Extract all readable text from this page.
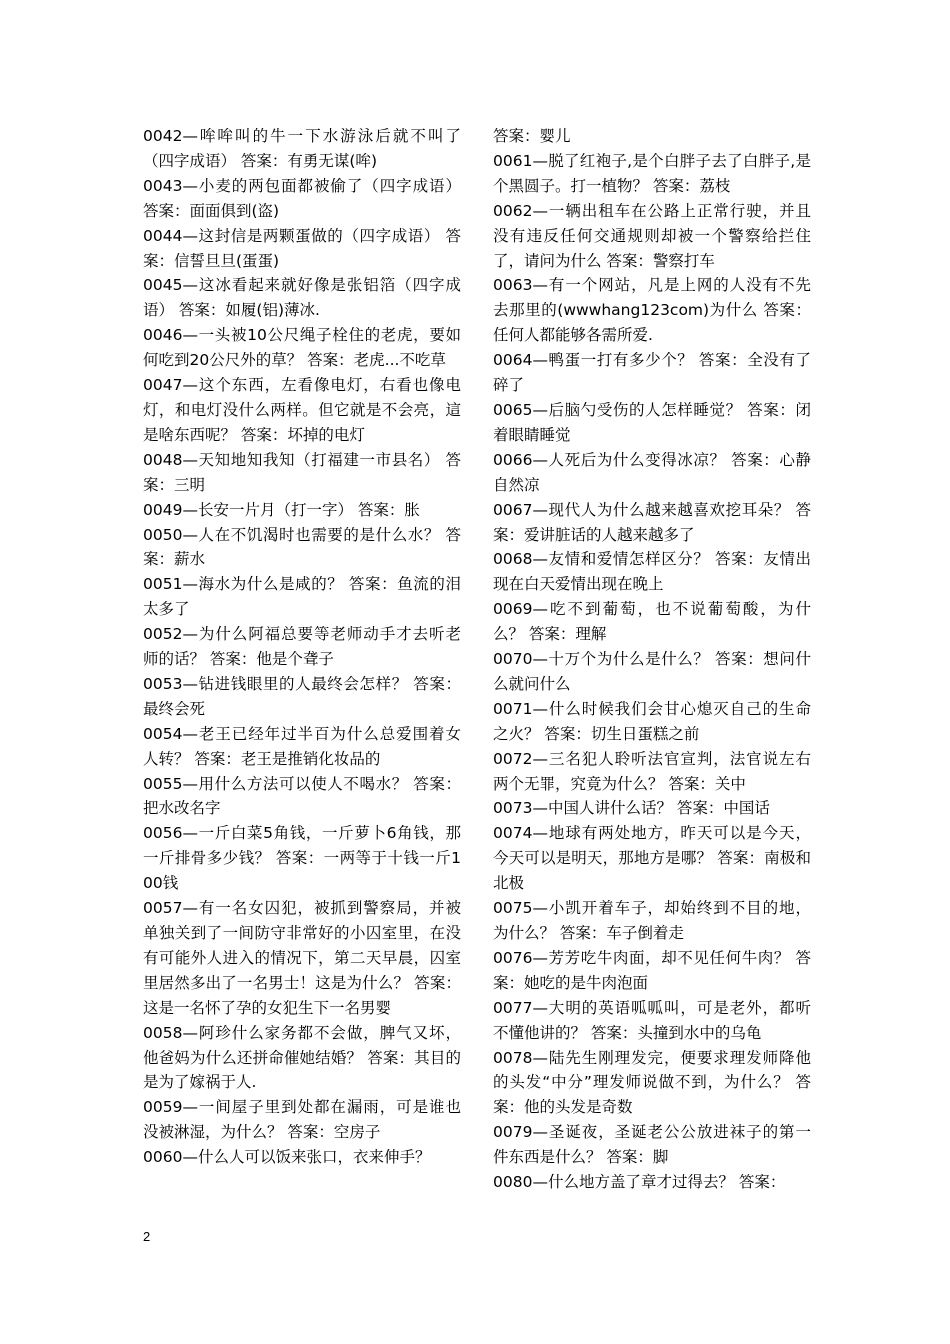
0042—哞哞叫的牛一下水游泳后就不叫了（四字成语） 答案：有勇无谋(哞)

0043—小麦的两包面都被偷了（四字成语） 答案：面面俱到(盗)

0044—这封信是两颗蛋做的（四字成语） 答案：信誓旦旦(蛋蛋)

0045—这冰看起来就好像是张铝箔（四字成语） 答案：如履(铝)薄冰.

0046—一头被10公尺绳子栓住的老虎，要如何吃到20公尺外的草？ 答案：老虎...不吃草

0047—这个东西，左看像电灯，右看也像电灯，和电灯没什么两样。但它就是不会亮，這是啥东西呢？ 答案：坏掉的电灯

0048—天知地知我知（打福建一市县名） 答案：三明

0049—长安一片月（打一字） 答案：胀

0050—人在不饥渴时也需要的是什么水？ 答案：薪水

0051—海水为什么是咸的？ 答案：鱼流的泪太多了

0052—为什么阿福总要等老师动手才去听老师的话？ 答案：他是个聋子

0053—钻进钱眼里的人最终会怎样？ 答案：最终会死

0054—老王已经年过半百为什么总爱围着女人转？ 答案：老王是推销化妆品的

0055—用什么方法可以使人不喝水？ 答案：把水改名字

0056—一斤白菜5角钱，一斤萝卜6角钱，那一斤排骨多少钱？ 答案：一两等于十钱一斤100钱

0057—有一名女囚犯，被抓到警察局，并被单独关到了一间防守非常好的小囚室里，在没有可能外人进入的情况下，第二天早晨，囚室里居然多出了一名男士！这是为什么？ 答案：这是一名怀了孕的女犯生下一名男婴

0058—阿珍什么家务都不会做，脾气又坏，他爸妈为什么还拼命催她结婚？ 答案：其目的是为了嫁祸于人.

0059—一间屋子里到处都在漏雨，可是谁也没被淋湿，为什么？ 答案：空房子

0060—什么人可以饭来张口，衣来伸手？

答案：婴儿

0061—脱了红袍子,是个白胖子去了白胖子,是个黑圆子。打一植物？ 答案：荔枝

0062—一辆出租车在公路上正常行驶，并且没有违反任何交通规则却被一个警察给拦住了，请问为什么 答案：警察打车

0063—有一个网站，凡是上网的人没有不先去那里的(wwwhang123com)为什么 答案：任何人都能够各需所爱.

0064—鸭蛋一打有多少个？ 答案：全没有了碎了

0065—后脑勺受伤的人怎样睡觉？ 答案：闭着眼睛睡觉

0066—人死后为什么变得冰凉？ 答案：心静自然凉

0067—现代人为什么越来越喜欢挖耳朵？ 答案：爱讲脏话的人越来越多了

0068—友情和爱情怎样区分？ 答案：友情出现在白天爱情出现在晚上

0069—吃不到葡萄，也不说葡萄酸，为什么？ 答案：理解

0070—十万个为什么是什么？ 答案：想问什么就问什么

0071—什么时候我们会甘心熄灭自己的生命之火？ 答案：切生日蛋糕之前

0072—三名犯人聆听法官宣判，法官说左右两个无罪，究竟为什么？ 答案：关中

0073—中国人讲什么话？ 答案：中国话

0074—地球有两处地方，昨天可以是今天，今天可以是明天，那地方是哪？ 答案：南极和北极

0075—小凯开着车子，却始终到不目的地，为什么？ 答案：车子倒着走

0076—芳芳吃牛肉面，却不见任何牛肉？ 答案：她吃的是牛肉泡面

0077—大明的英语呱呱叫，可是老外，都听不懂他讲的？ 答案：头撞到水中的乌龟

0078—陆先生刚理发完，便要求理发师降他的头发“中分”理发师说做不到，为什么？ 答案：他的头发是奇数

0079—圣诞夜，圣诞老公公放进袜子的第一件东西是什么？ 答案：脚

0080—什么地方盖了章才过得去？ 答案：

2
